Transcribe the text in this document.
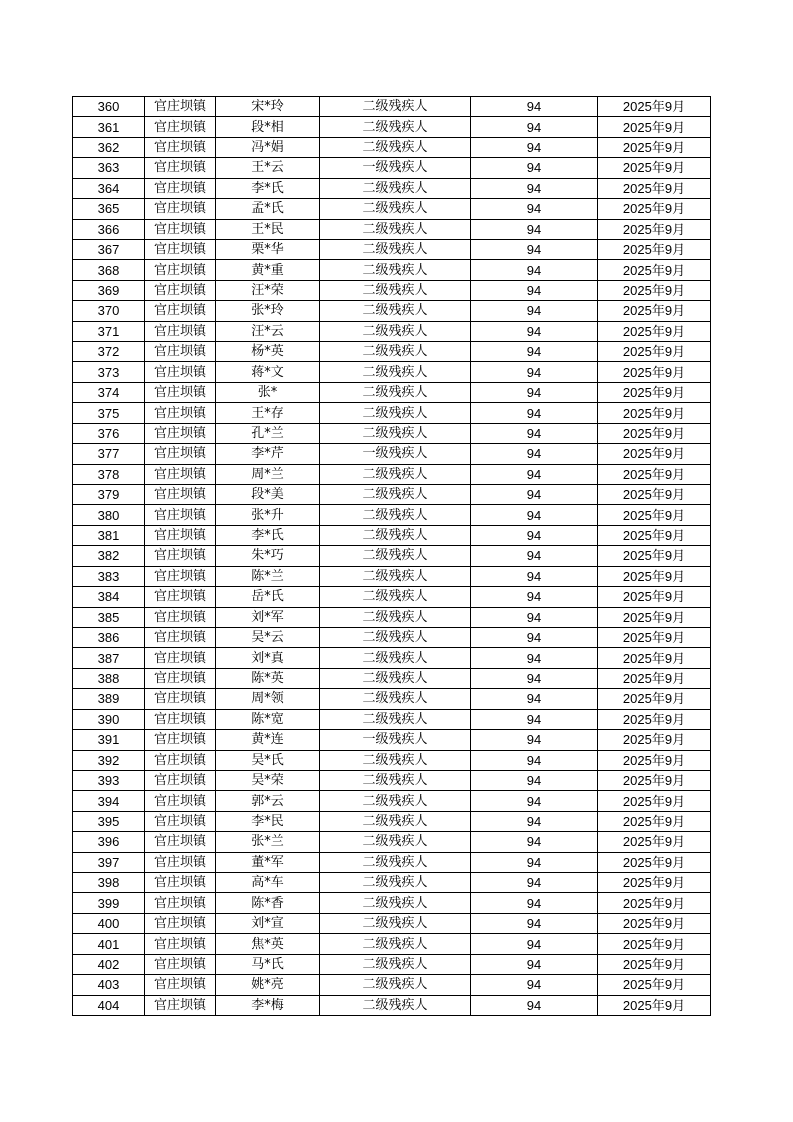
360	官庄坝镇	宋*玲	二级残疾人	94	2025年9月
361	官庄坝镇	段*相	二级残疾人	94	2025年9月
362	官庄坝镇	冯*娟	二级残疾人	94	2025年9月
363	官庄坝镇	王*云	一级残疾人	94	2025年9月
364	官庄坝镇	李*氏	二级残疾人	94	2025年9月
365	官庄坝镇	孟*氏	二级残疾人	94	2025年9月
366	官庄坝镇	王*民	二级残疾人	94	2025年9月
367	官庄坝镇	栗*华	二级残疾人	94	2025年9月
368	官庄坝镇	黄*重	二级残疾人	94	2025年9月
369	官庄坝镇	汪*荣	二级残疾人	94	2025年9月
370	官庄坝镇	张*玲	二级残疾人	94	2025年9月
371	官庄坝镇	汪*云	二级残疾人	94	2025年9月
372	官庄坝镇	杨*英	二级残疾人	94	2025年9月
373	官庄坝镇	蒋*文	二级残疾人	94	2025年9月
374	官庄坝镇	张*	二级残疾人	94	2025年9月
375	官庄坝镇	王*存	二级残疾人	94	2025年9月
376	官庄坝镇	孔*兰	二级残疾人	94	2025年9月
377	官庄坝镇	李*芹	一级残疾人	94	2025年9月
378	官庄坝镇	周*兰	二级残疾人	94	2025年9月
379	官庄坝镇	段*美	二级残疾人	94	2025年9月
380	官庄坝镇	张*升	二级残疾人	94	2025年9月
381	官庄坝镇	李*氏	二级残疾人	94	2025年9月
382	官庄坝镇	朱*巧	二级残疾人	94	2025年9月
383	官庄坝镇	陈*兰	二级残疾人	94	2025年9月
384	官庄坝镇	岳*氏	二级残疾人	94	2025年9月
385	官庄坝镇	刘*军	二级残疾人	94	2025年9月
386	官庄坝镇	吴*云	二级残疾人	94	2025年9月
387	官庄坝镇	刘*真	二级残疾人	94	2025年9月
388	官庄坝镇	陈*英	二级残疾人	94	2025年9月
389	官庄坝镇	周*领	二级残疾人	94	2025年9月
390	官庄坝镇	陈*宽	二级残疾人	94	2025年9月
391	官庄坝镇	黄*连	一级残疾人	94	2025年9月
392	官庄坝镇	吴*氏	二级残疾人	94	2025年9月
393	官庄坝镇	吴*荣	二级残疾人	94	2025年9月
394	官庄坝镇	郭*云	二级残疾人	94	2025年9月
395	官庄坝镇	李*民	二级残疾人	94	2025年9月
396	官庄坝镇	张*兰	二级残疾人	94	2025年9月
397	官庄坝镇	董*军	二级残疾人	94	2025年9月
398	官庄坝镇	高*车	二级残疾人	94	2025年9月
399	官庄坝镇	陈*香	二级残疾人	94	2025年9月
400	官庄坝镇	刘*宣	二级残疾人	94	2025年9月
401	官庄坝镇	焦*英	二级残疾人	94	2025年9月
402	官庄坝镇	马*氏	二级残疾人	94	2025年9月
403	官庄坝镇	姚*亮	二级残疾人	94	2025年9月
404	官庄坝镇	李*梅	二级残疾人	94	2025年9月
